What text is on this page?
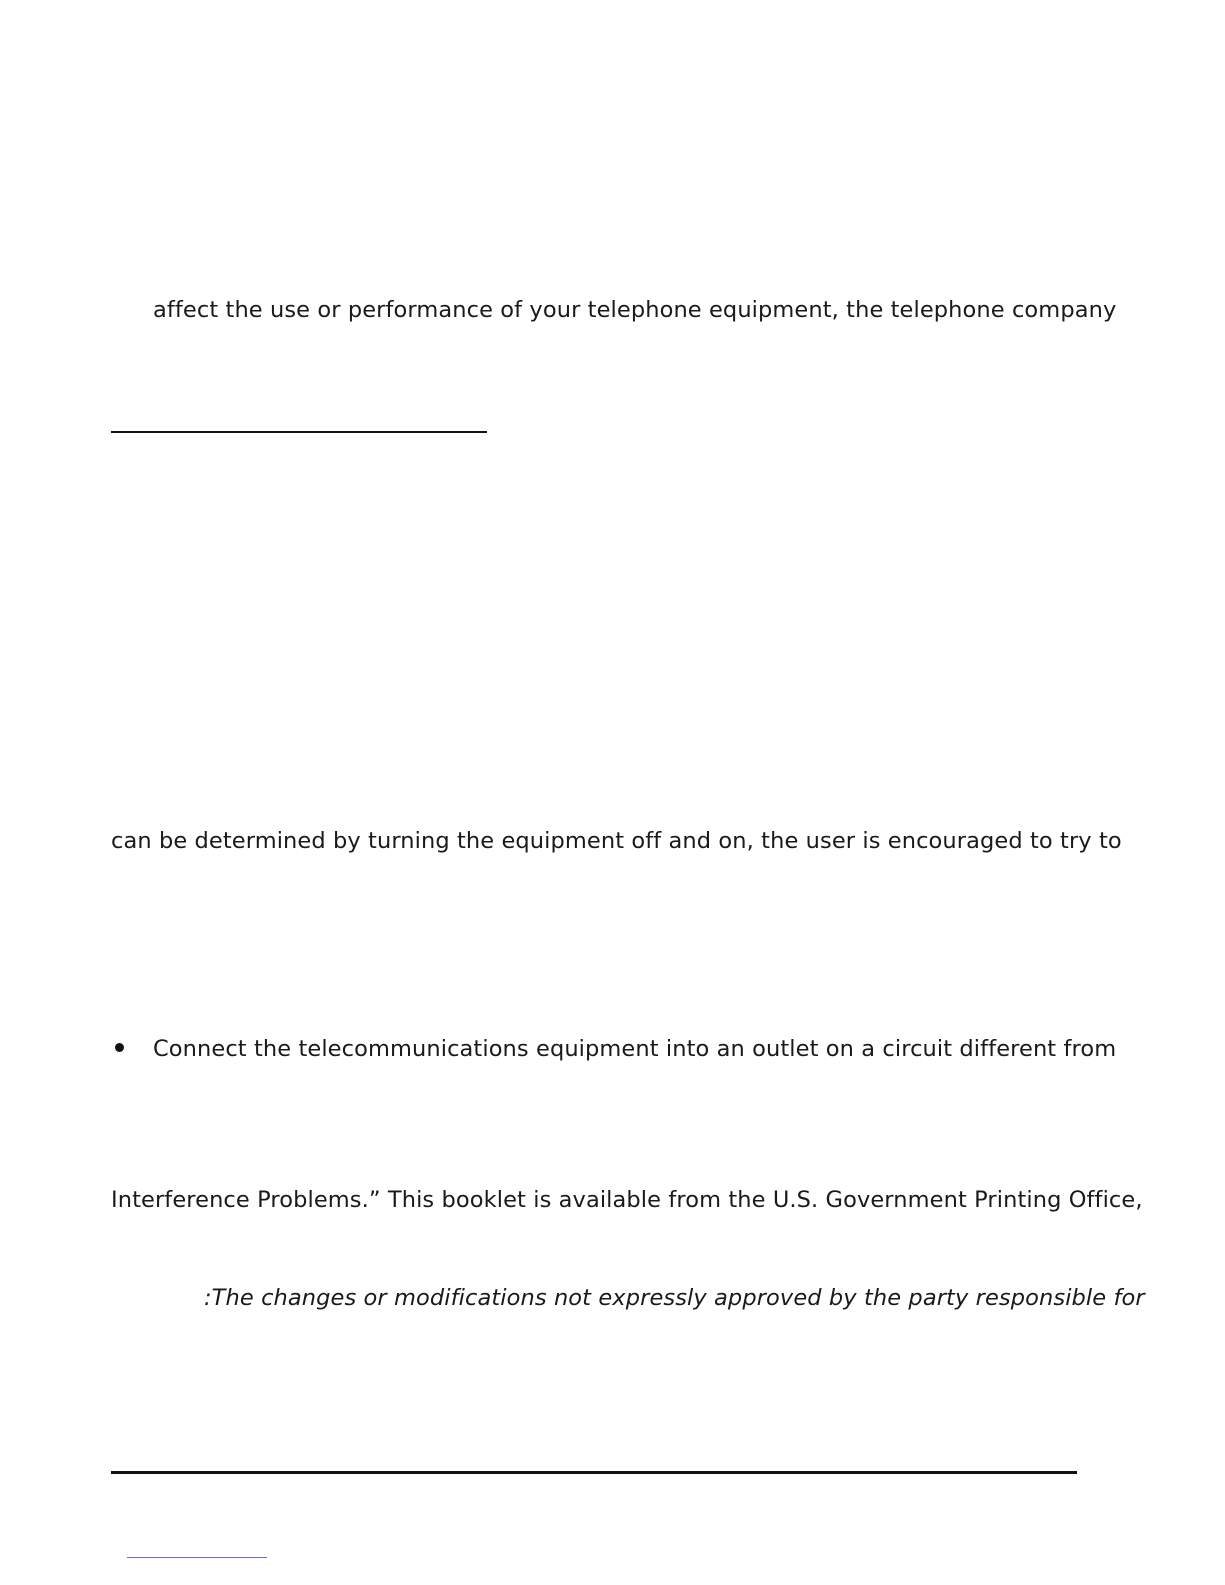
affect the use or performance of your telephone equipment, the telephone company
can be determined by turning the equipment off and on, the user is encouraged to try to
Connect the telecommunications equipment into an outlet on a circuit different from
Interference Problems.” This booklet is available from the U.S. Government Printing Office,
:The changes or modifications not expressly approved by the party responsible for
